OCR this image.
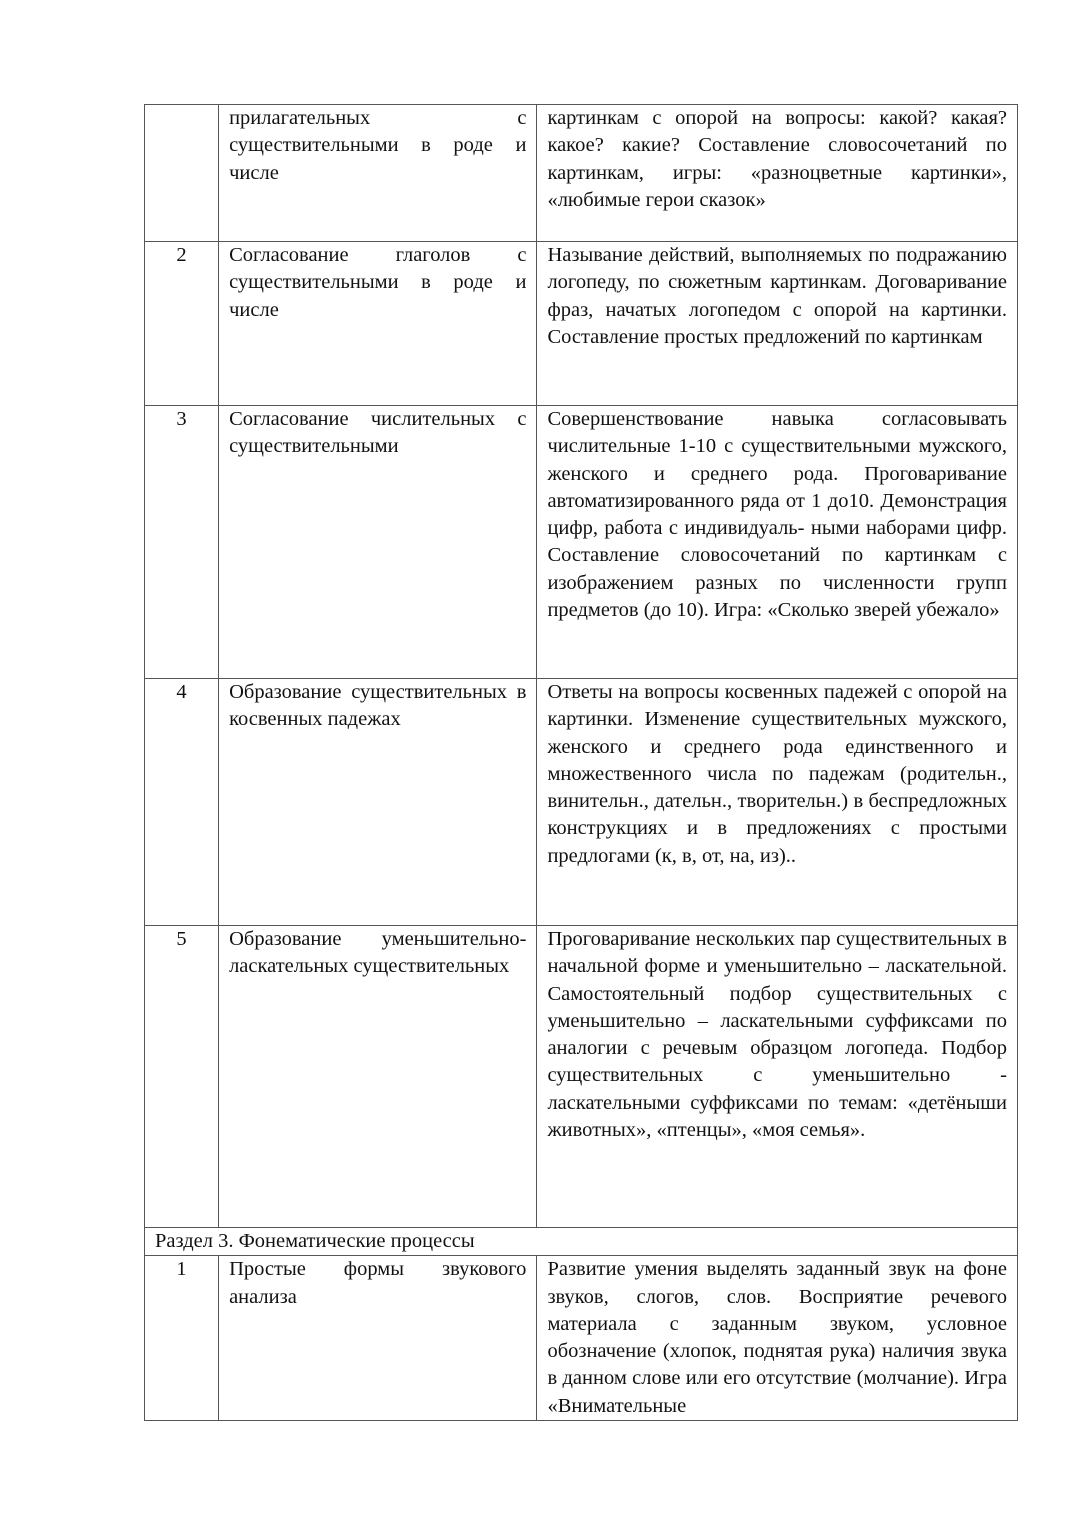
	прилагательных с существительными в роде и числе	картинкам с опорой на вопросы: какой? какая? какое? какие? Составление словосочетаний по картинкам, игры: «разноцветные картинки», «любимые герои сказок»
2	Согласование глаголов с существительными в роде и числе	Называние действий, выполняемых по подражанию логопеду, по сюжетным картинкам. Договаривание фраз, начатых логопедом с опорой на картинки. Составление простых предложений по картинкам
3	Согласование числительных с существительными	Совершенствование навыка согласовывать числительные 1-10 с существительными мужского, женского и среднего рода. Проговаривание автоматизированного ряда от 1 до10. Демонстрация цифр, работа с индивидуаль- ными наборами цифр. Составление словосочетаний по картинкам с изображением разных по численности групп предметов (до 10). Игра: «Сколько зверей убежало»
4	Образование существительных в косвенных падежах	Ответы на вопросы косвенных падежей с опорой на картинки. Изменение существительных мужского, женского и среднего рода единственного и множественного числа по падежам (родительн., винительн., дательн., творительн.) в беспредложных конструкциях и в предложениях с простыми предлогами (к, в, от, на, из)..
5	Образование уменьшительно-ласкательных существительных	Проговаривание нескольких пар существительных в начальной форме и уменьшительно – ласкательной. Самостоятельный подбор существительных с уменьшительно – ласкательными суффиксами по аналогии с речевым образцом логопеда. Подбор существительных с уменьшительно - ласкательными суффиксами по темам: «детёныши животных», «птенцы», «моя семья».
Раздел 3. Фонематические процессы		
1	Простые формы звукового анализа	Развитие умения выделять заданный звук на фоне звуков, слогов, слов. Восприятие речевого материала с заданным звуком, условное обозначение (хлопок, поднятая рука) наличия звука в данном слове или его отсутствие (молчание). Игра «Внимательные
